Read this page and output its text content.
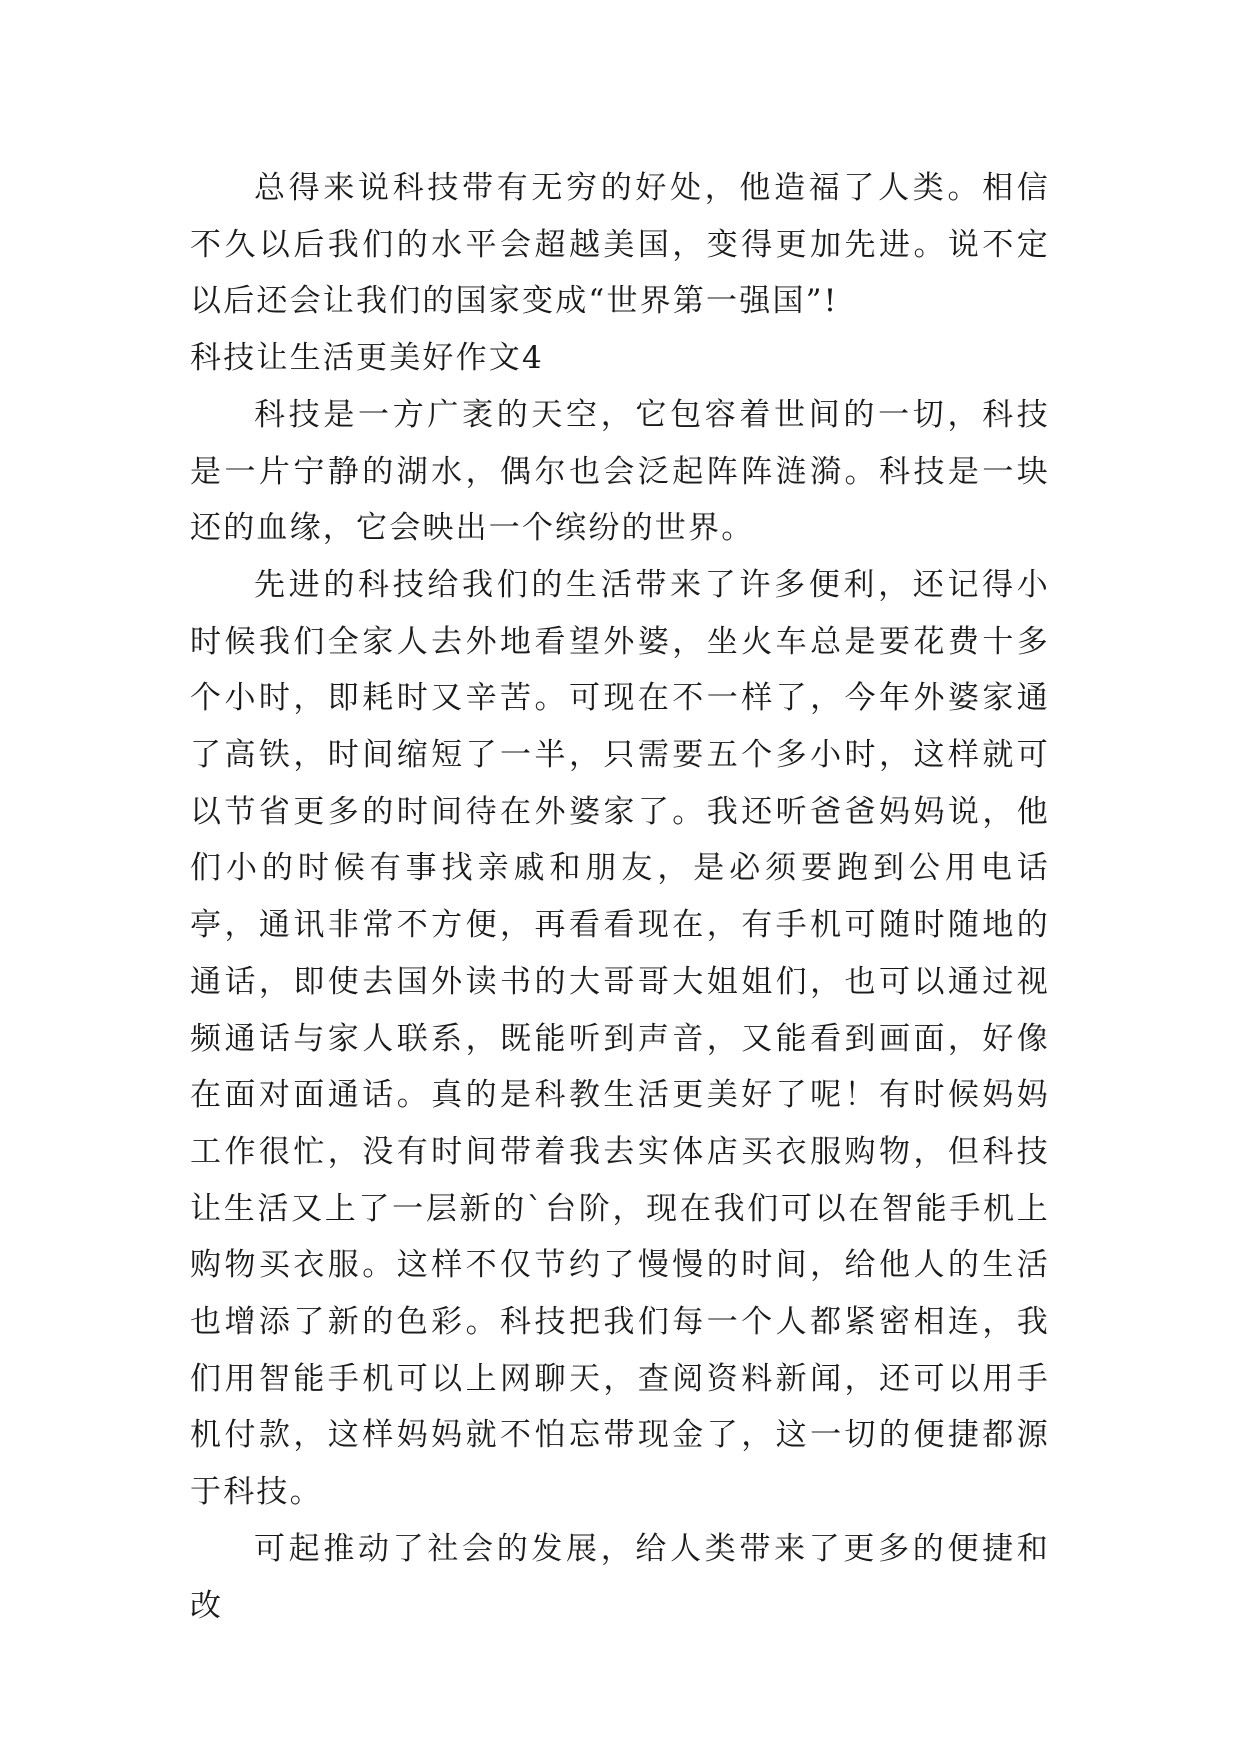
总得来说科技带有无穷的好处，他造福了人类。相信不久以后我们的水平会超越美国，变得更加先进。说不定以后还会让我们的国家变成“世界第一强国”!

科技让生活更美好作文4

科技是一方广袤的天空，它包容着世间的一切，科技是一片宁静的湖水，偶尔也会泛起阵阵涟漪。科技是一块还的血缘，它会映出一个缤纷的世界。

先进的科技给我们的生活带来了许多便利，还记得小时候我们全家人去外地看望外婆，坐火车总是要花费十多个小时，即耗时又辛苦。可现在不一样了，今年外婆家通了高铁，时间缩短了一半，只需要五个多小时，这样就可以节省更多的时间待在外婆家了。我还听爸爸妈妈说，他们小的时候有事找亲戚和朋友，是必须要跑到公用电话亭，通讯非常不方便，再看看现在，有手机可随时随地的通话，即使去国外读书的大哥哥大姐姐们，也可以通过视频通话与家人联系，既能听到声音，又能看到画面，好像在面对面通话。真的是科教生活更美好了呢！有时候妈妈工作很忙，没有时间带着我去实体店买衣服购物，但科技让生活又上了一层新的`台阶，现在我们可以在智能手机上购物买衣服。这样不仅节约了慢慢的时间，给他人的生活也增添了新的色彩。科技把我们每一个人都紧密相连，我们用智能手机可以上网聊天，查阅资料新闻，还可以用手机付款，这样妈妈就不怕忘带现金了，这一切的便捷都源于科技。

可起推动了社会的发展，给人类带来了更多的便捷和改
